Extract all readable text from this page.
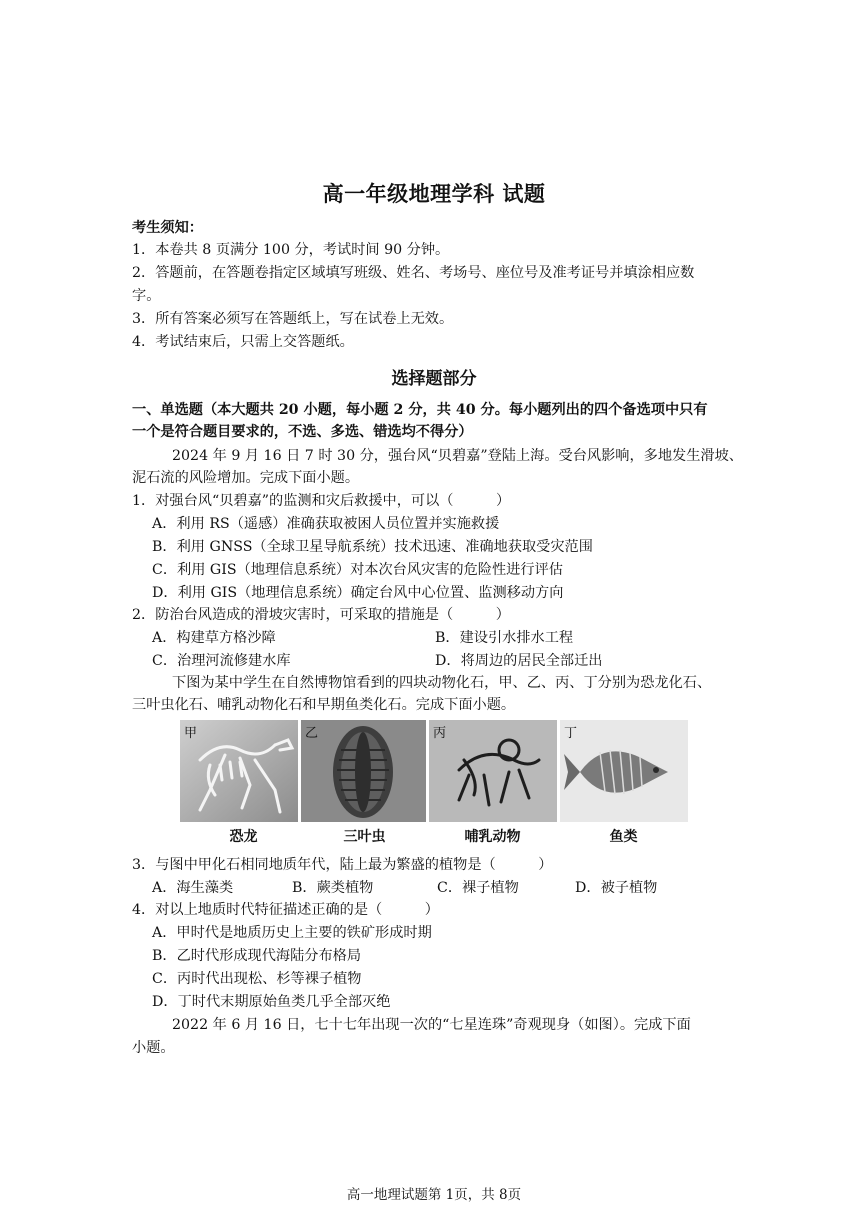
高一年级地理学科 试题
考生须知：
1．本卷共 8 页满分 100 分，考试时间 90 分钟。
2．答题前，在答题卷指定区域填写班级、姓名、考场号、座位号及准考证号并填涂相应数
字。
3．所有答案必须写在答题纸上，写在试卷上无效。
4．考试结束后，只需上交答题纸。
选择题部分
一、单选题（本大题共 20 小题，每小题 2 分，共 40 分。每小题列出的四个备选项中只有
一个是符合题目要求的，不选、多选、错选均不得分）
2024 年 9 月 16 日 7 时 30 分，强台风“贝碧嘉”登陆上海。受台风影响，多地发生滑坡、
泥石流的风险增加。完成下面小题。
1．对强台风“贝碧嘉”的监测和灾后救援中，可以（　　　）
A．利用 RS（遥感）准确获取被困人员位置并实施救援
B．利用 GNSS（全球卫星导航系统）技术迅速、准确地获取受灾范围
C．利用 GIS（地理信息系统）对本次台风灾害的危险性进行评估
D．利用 GIS（地理信息系统）确定台风中心位置、监测移动方向
2．防治台风造成的滑坡灾害时，可采取的措施是（　　　）
A．构建草方格沙障	B．建设引水排水工程
C．治理河流修建水库	D．将周边的居民全部迁出
下图为某中学生在自然博物馆看到的四块动物化石，甲、乙、丙、丁分别为恐龙化石、
三叶虫化石、哺乳动物化石和早期鱼类化石。完成下面小题。
甲	乙	丙	丁
恐龙	三叶虫	哺乳动物	鱼类
3．与图中甲化石相同地质年代，陆上最为繁盛的植物是（　　　）
A．海生藻类	B．蕨类植物	C．裸子植物	D．被子植物
4．对以上地质时代特征描述正确的是（　　　）
A．甲时代是地质历史上主要的铁矿形成时期
B．乙时代形成现代海陆分布格局
C．丙时代出现松、杉等裸子植物
D．丁时代末期原始鱼类几乎全部灭绝
2022 年 6 月 16 日，七十七年出现一次的“七星连珠”奇观现身（如图）。完成下面
小题。
高一地理试题第 1页，共 8页
